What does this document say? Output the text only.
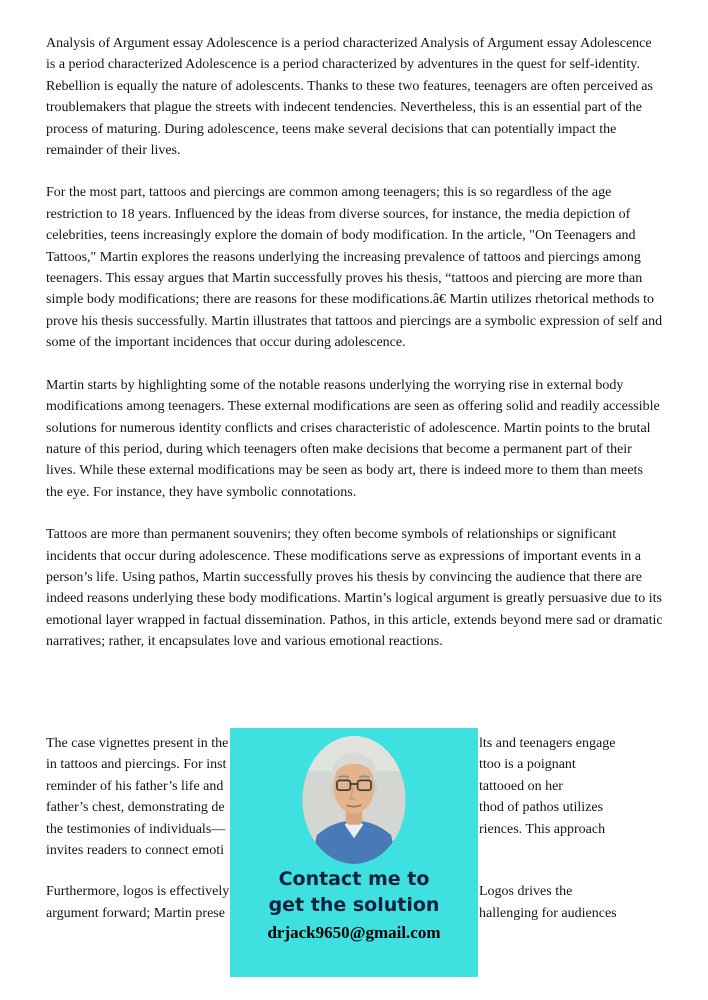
Analysis of Argument essay Adolescence is a period characterized Analysis of Argument essay Adolescence is a period characterized Adolescence is a period characterized by adventures in the quest for self-identity. Rebellion is equally the nature of adolescents. Thanks to these two features, teenagers are often perceived as troublemakers that plague the streets with indecent tendencies. Nevertheless, this is an essential part of the process of maturing. During adolescence, teens make several decisions that can potentially impact the remainder of their lives.

For the most part, tattoos and piercings are common among teenagers; this is so regardless of the age restriction to 18 years. Influenced by the ideas from diverse sources, for instance, the media depiction of celebrities, teens increasingly explore the domain of body modification. In the article, "On Teenagers and Tattoos," Martin explores the reasons underlying the increasing prevalence of tattoos and piercings among teenagers. This essay argues that Martin successfully proves his thesis, “tattoos and piercing are more than simple body modifications; there are reasons for these modifications.â€ Martin utilizes rhetorical methods to prove his thesis successfully. Martin illustrates that tattoos and piercings are a symbolic expression of self and some of the important incidences that occur during adolescence.

Martin starts by highlighting some of the notable reasons underlying the worrying rise in external body modifications among teenagers. These external modifications are seen as offering solid and readily accessible solutions for numerous identity conflicts and crises characteristic of adolescence. Martin points to the brutal nature of this period, during which teenagers often make decisions that become a permanent part of their lives. While these external modifications may be seen as body art, there is indeed more to them than meets the eye. For instance, they have symbolic connotations.

Tattoos are more than permanent souvenirs; they often become symbols of relationships or significant incidents that occur during adolescence. These modifications serve as expressions of important events in a person’s life. Using pathos, Martin successfully proves his thesis by convincing the audience that there are indeed reasons underlying these body modifications. Martin’s logical argument is greatly persuasive due to its emotional layer wrapped in factual dissemination. Pathos, in this article, extends beyond mere sad or dramatic narratives; rather, it encapsulates love and various emotional reactions.

The case vignettes present in the	lts and teenagers engage
in tattoos and piercings. For inst	ttoo is a poignant
reminder of his father’s life and	tattooed on her
father’s chest, demonstrating de	thod of pathos utilizes
the testimonies of individuals—	riences. This approach
invites readers to connect emoti
Furthermore, logos is effectively	Logos drives the
argument forward; Martin prese	hallenging for audiences
Contact me to
get the solution
drjack9650@gmail.com
